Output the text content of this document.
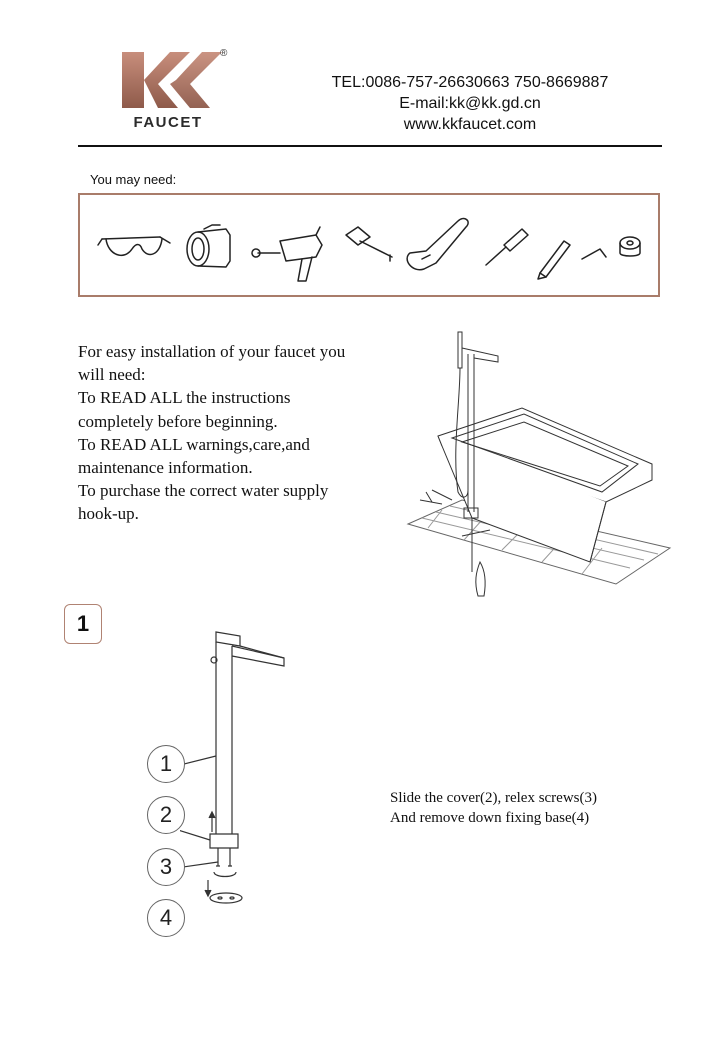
®
FAUCET
TEL:0086-757-26630663 750-8669887
E-mail:kk@kk.gd.cn
www.kkfaucet.com
You may need:
For easy installation of your faucet you
will need:
To READ ALL the instructions
completely before beginning.
To READ ALL warnings,care,and
maintenance information.
To purchase the correct water supply
hook-up.
1
1
2
3
4
Slide the cover(2), relex screws(3)
And remove down fixing base(4)
